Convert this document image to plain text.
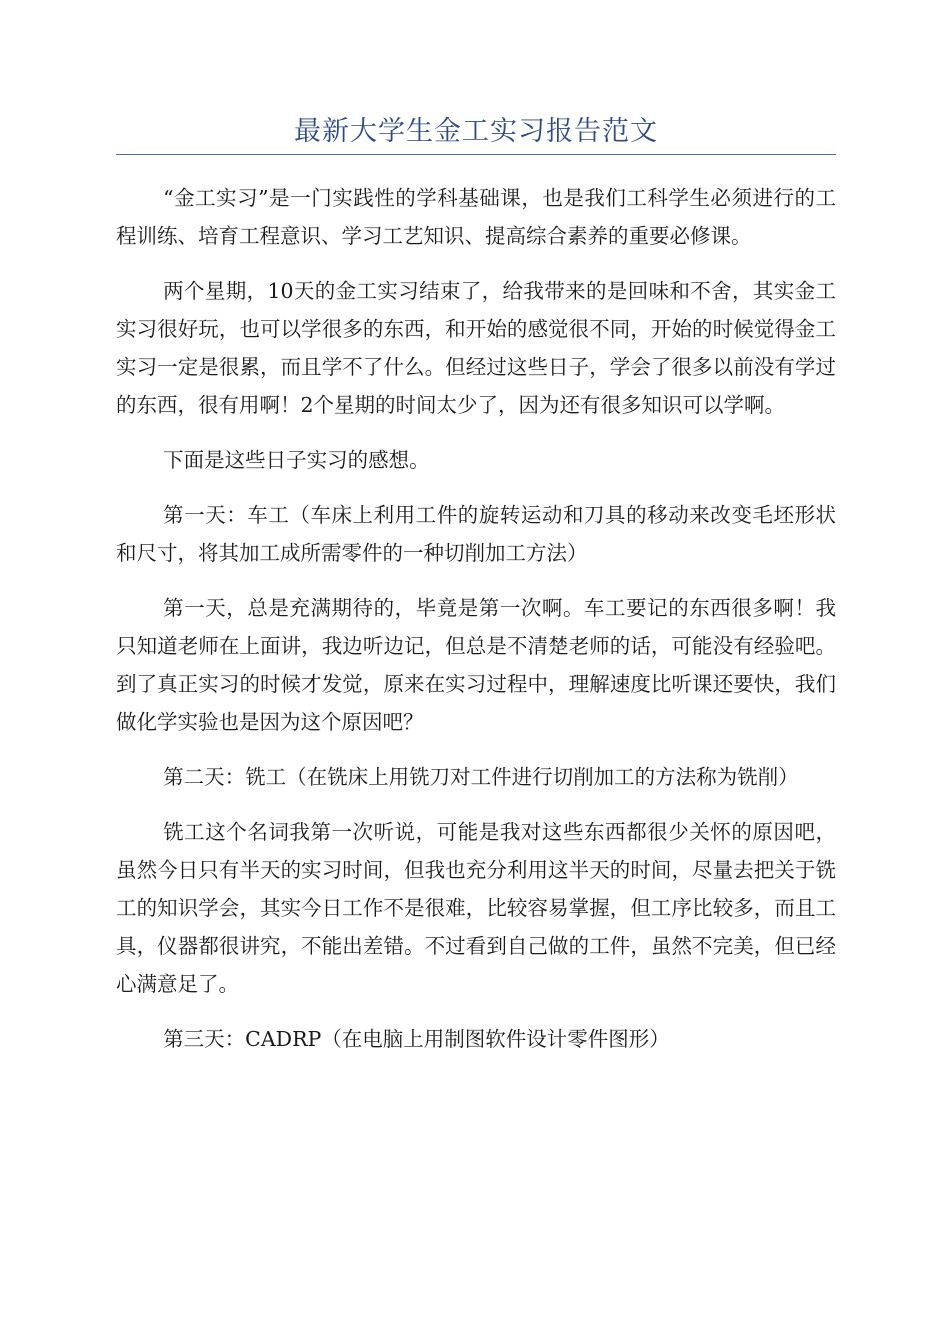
最新大学生金工实习报告范文

“金工实习”是一门实践性的学科基础课，也是我们工科学生必须进行的工程训练、培育工程意识、学习工艺知识、提高综合素养的重要必修课。

两个星期，10天的金工实习结束了，给我带来的是回味和不舍，其实金工实习很好玩，也可以学很多的东西，和开始的感觉很不同，开始的时候觉得金工实习一定是很累，而且学不了什么。但经过这些日子，学会了很多以前没有学过的东西，很有用啊！2个星期的时间太少了，因为还有很多知识可以学啊。

下面是这些日子实习的感想。

第一天：车工（车床上利用工件的旋转运动和刀具的移动来改变毛坯形状和尺寸，将其加工成所需零件的一种切削加工方法）

第一天，总是充满期待的，毕竟是第一次啊。车工要记的东西很多啊！我只知道老师在上面讲，我边听边记，但总是不清楚老师的话，可能没有经验吧。到了真正实习的时候才发觉，原来在实习过程中，理解速度比听课还要快，我们做化学实验也是因为这个原因吧？

第二天：铣工（在铣床上用铣刀对工件进行切削加工的方法称为铣削）

铣工这个名词我第一次听说，可能是我对这些东西都很少关怀的原因吧，虽然今日只有半天的实习时间，但我也充分利用这半天的时间，尽量去把关于铣工的知识学会，其实今日工作不是很难，比较容易掌握，但工序比较多，而且工具，仪器都很讲究，不能出差错。不过看到自己做的工件，虽然不完美，但已经心满意足了。

第三天：CADRP（在电脑上用制图软件设计零件图形）
